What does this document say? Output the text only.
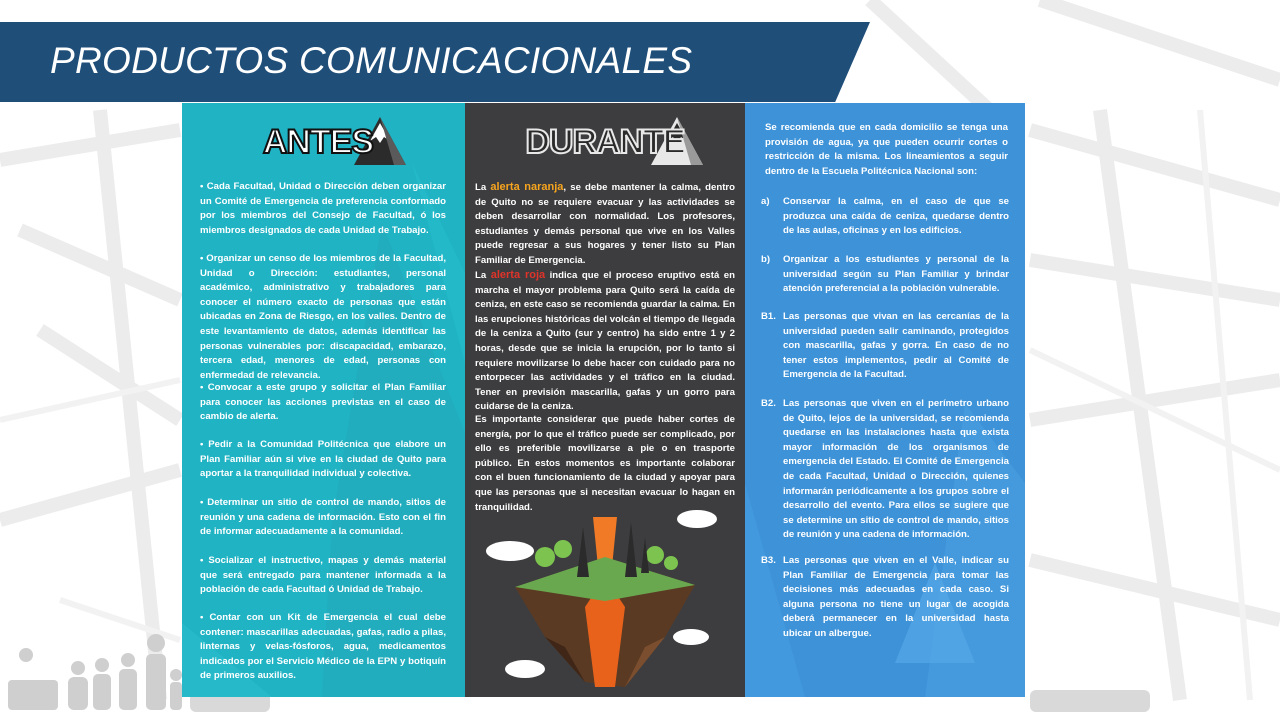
PRODUCTOS COMUNICACIONALES
ANTES
• Cada Facultad, Unidad o Dirección deben organizar un Comité de Emergencia de preferencia conformado por los miembros del Consejo de Facultad, ó los miembros designados de cada Unidad de Trabajo.
• Organizar un censo de los miembros de la Facultad, Unidad o Dirección: estudiantes, personal académico, administrativo y trabajadores para conocer el número exacto de personas que están ubicadas en Zona de Riesgo, en los valles. Dentro de este levantamiento de datos, además identificar las personas vulnerables por: discapacidad, embarazo, tercera edad, menores de edad, personas con enfermedad de relevancia.
• Convocar a este grupo y solicitar el Plan Familiar para conocer las acciones previstas en el caso de cambio de alerta.
• Pedir a la Comunidad Politécnica que elabore un Plan Familiar aún si vive en la ciudad de Quito para aportar a la tranquilidad individual y colectiva.
• Determinar un sitio de control de mando, sitios de reunión y una cadena de información. Esto con el fin de informar adecuadamente a la comunidad.
• Socializar el instructivo, mapas y demás material que será entregado para mantener informada a la población de cada Facultad ó Unidad de Trabajo.
• Contar con un Kit de Emergencia el cual debe contener: mascarillas adecuadas, gafas, radio a pilas, linternas y velas-fósforos, agua, medicamentos indicados por el Servicio Médico de la EPN y botiquín de primeros auxilios.
DURANTE
La alerta naranja, se debe mantener la calma, dentro de Quito no se requiere evacuar y las actividades se deben desarrollar con normalidad. Los profesores, estudiantes y demás personal que vive en los Valles puede regresar a sus hogares y tener listo su Plan Familiar de Emergencia.
La alerta roja indica que el proceso eruptivo está en marcha el mayor problema para Quito será la caída de ceniza, en este caso se recomienda guardar la calma. En las erupciones históricas del volcán el tiempo de llegada de la ceniza a Quito (sur y centro) ha sido entre 1 y 2 horas, desde que se inicia la erupción, por lo tanto si requiere movilizarse lo debe hacer con cuidado para no entorpecer las actividades y el tráfico en la ciudad. Tener en previsión mascarilla, gafas y un gorro para cuidarse de la ceniza.
Es importante considerar que puede haber cortes de energía, por lo que el tráfico puede ser complicado, por ello es preferible movilizarse a pie o en trasporte público. En estos momentos es importante colaborar con el buen funcionamiento de la ciudad y apoyar para que las personas que si necesitan evacuar lo hagan en tranquilidad.
Se recomienda que en cada domicilio se tenga una provisión de agua, ya que pueden ocurrir cortes o restricción de la misma. Los lineamientos a seguir dentro de la Escuela Politécnica Nacional son:
a)	Conservar la calma, en el caso de que se produzca una caída de ceniza, quedarse dentro de las aulas, oficinas y en los edificios.
b)	Organizar a los estudiantes y personal de la universidad según su Plan Familiar y brindar atención preferencial a la población vulnerable.
B1. Las personas que vivan en las cercanías de la universidad pueden salir caminando, protegidos con mascarilla, gafas y gorra. En caso de no tener estos implementos, pedir al Comité de Emergencia de la Facultad.
B2. Las personas que viven en el perímetro urbano de Quito, lejos de la universidad, se recomienda quedarse en las instalaciones hasta que exista mayor información de los organismos de emergencia del Estado. El Comité de Emergencia de cada Facultad, Unidad o Dirección, quienes informarán periódicamente a los grupos sobre el desarrollo del evento. Para ellos se sugiere que se determine un sitio de control de mando, sitios de reunión y una cadena de información.
B3. Las personas que viven en el Valle, indicar su Plan Familiar de Emergencia para tomar las decisiones más adecuadas en cada caso. Si alguna persona no tiene un lugar de acogida deberá permanecer en la universidad hasta ubicar un albergue.
